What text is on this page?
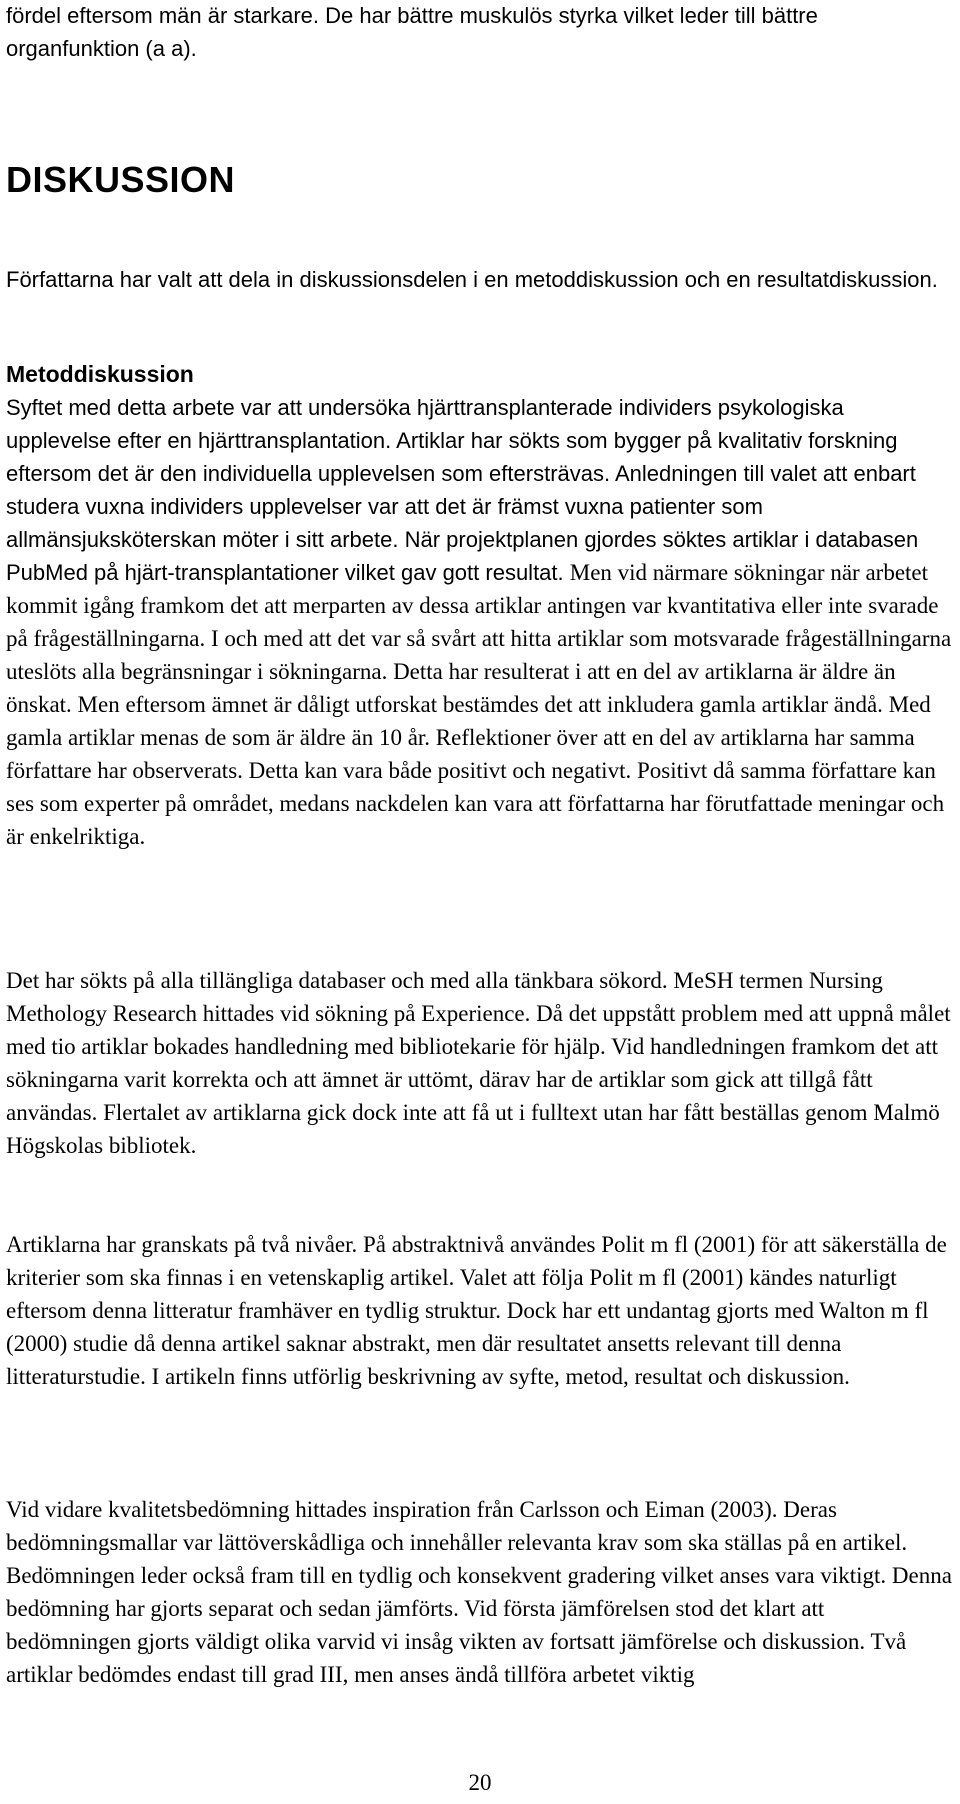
fördel eftersom män är starkare. De har bättre muskulös styrka vilket leder till bättre organfunktion (a a).

DISKUSSION

Författarna har valt att dela in diskussionsdelen i en metoddiskussion och en resultatdiskussion.

Metoddiskussion
Syftet med detta arbete var att undersöka hjärttransplanterade individers psykologiska upplevelse efter en hjärttransplantation. Artiklar har sökts som bygger på kvalitativ forskning eftersom det är den individuella upplevelsen som eftersträvas. Anledningen till valet att enbart studera vuxna individers upplevelser var att det är främst vuxna patienter som allmänsjuksköterskan möter i sitt arbete. När projektplanen gjordes söktes artiklar i databasen PubMed på hjärt-transplantationer vilket gav gott resultat. Men vid närmare sökningar när arbetet kommit igång framkom det att merparten av dessa artiklar antingen var kvantitativa eller inte svarade på frågeställningarna. I och med att det var så svårt att hitta artiklar som motsvarade frågeställningarna uteslöts alla begränsningar i sökningarna. Detta har resulterat i att en del av artiklarna är äldre än önskat. Men eftersom ämnet är dåligt utforskat bestämdes det att inkludera gamla artiklar ändå. Med gamla artiklar menas de som är äldre än 10 år. Reflektioner över att en del av artiklarna har samma författare har observerats. Detta kan vara både positivt och negativt. Positivt då samma författare kan ses som experter på området, medans nackdelen kan vara att författarna har förutfattade meningar och är enkelriktiga.

Det har sökts på alla tillängliga databaser och med alla tänkbara sökord. MeSH termen Nursing Methology Research hittades vid sökning på Experience. Då det uppstått problem med att uppnå målet med tio artiklar bokades handledning med bibliotekarie för hjälp. Vid handledningen framkom det att sökningarna varit korrekta och att ämnet är uttömt, därav har de artiklar som gick att tillgå fått användas. Flertalet av artiklarna gick dock inte att få ut i fulltext utan har fått beställas genom Malmö Högskolas bibliotek.

Artiklarna har granskats på två nivåer. På abstraktnivå användes Polit m fl (2001) för att säkerställa de kriterier som ska finnas i en vetenskaplig artikel. Valet att följa Polit m fl (2001) kändes naturligt eftersom denna litteratur framhäver en tydlig struktur. Dock har ett undantag gjorts med Walton m fl (2000) studie då denna artikel saknar abstrakt, men där resultatet ansetts relevant till denna litteraturstudie. I artikeln finns utförlig beskrivning av syfte, metod, resultat och diskussion.

Vid vidare kvalitetsbedömning hittades inspiration från Carlsson och Eiman (2003). Deras bedömningsmallar var lättöverskådliga och innehåller relevanta krav som ska ställas på en artikel. Bedömningen leder också fram till en tydlig och konsekvent gradering vilket anses vara viktigt. Denna bedömning har gjorts separat och sedan jämförts. Vid första jämförelsen stod det klart att bedömningen gjorts väldigt olika varvid vi insåg vikten av fortsatt jämförelse och diskussion. Två artiklar bedömdes endast till grad III, men anses ändå tillföra arbetet viktig

20
